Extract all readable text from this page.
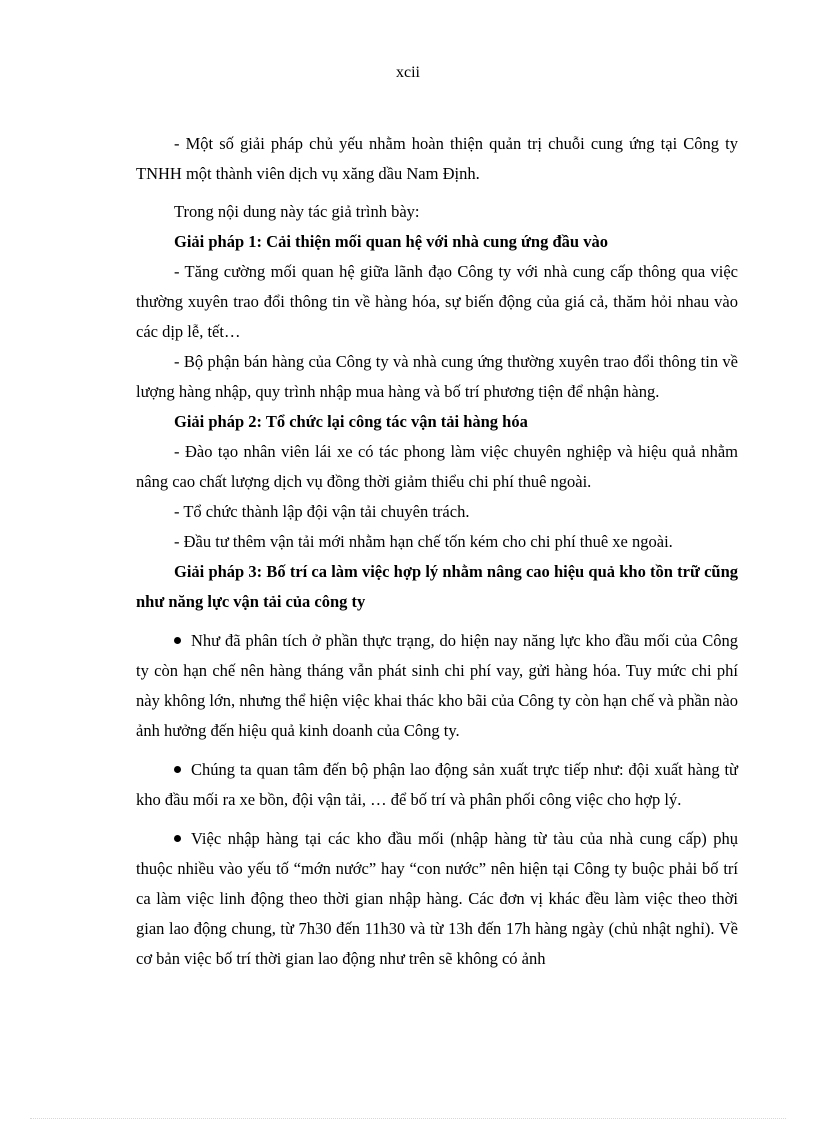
xcii

- Một số giải pháp chủ yếu nhằm hoàn thiện quản trị chuỗi cung ứng tại Công ty TNHH một thành viên dịch vụ xăng dầu Nam Định.

Trong nội dung này tác giả trình bày:

Giải pháp 1: Cải thiện mối quan hệ với nhà cung ứng đầu vào

- Tăng cường mối quan hệ giữa lãnh đạo Công ty với nhà cung cấp thông qua việc thường xuyên trao đổi thông tin về hàng hóa, sự biến động của giá cả, thăm hỏi nhau vào các dịp lễ, tết…

- Bộ phận bán hàng của Công ty và nhà cung ứng thường xuyên trao đổi thông tin về lượng hàng nhập, quy trình nhập mua hàng và bố trí phương tiện để nhận hàng.

Giải pháp 2: Tổ chức lại công tác vận tải hàng hóa

- Đào tạo nhân viên lái xe có tác phong làm việc chuyên nghiệp và hiệu quả nhằm nâng cao chất lượng dịch vụ đồng thời giảm thiểu chi phí thuê ngoài.

- Tổ chức thành lập đội vận tải chuyên trách.

- Đầu tư thêm vận tải mới nhằm hạn chế tốn kém cho chi phí thuê xe ngoài.

Giải pháp 3: Bố trí ca làm việc hợp lý nhằm nâng cao hiệu quả kho tồn trữ cũng như năng lực vận tải của công ty

Như đã phân tích ở phần thực trạng, do hiện nay năng lực kho đầu mối của Công ty còn hạn chế nên hàng tháng vẫn phát sinh chi phí vay, gửi hàng hóa. Tuy mức chi phí này không lớn, nhưng thể hiện việc khai thác kho bãi của Công ty còn hạn chế và phần nào ảnh hưởng đến hiệu quả kinh doanh của Công ty.

Chúng ta quan tâm đến bộ phận lao động sản xuất trực tiếp như: đội xuất hàng từ kho đầu mối ra xe bồn, đội vận tải, … để bố trí và phân phối công việc cho hợp lý.

Việc nhập hàng tại các kho đầu mối (nhập hàng từ tàu của nhà cung cấp) phụ thuộc nhiều vào yếu tố “mớn nước” hay “con nước” nên hiện tại Công ty buộc phải bố trí ca làm việc linh động theo thời gian nhập hàng. Các đơn vị khác đều làm việc theo thời gian lao động chung, từ 7h30 đến 11h30 và từ 13h đến 17h hàng ngày (chủ nhật nghỉ). Về cơ bản việc bố trí thời gian lao động như trên sẽ không có ảnh
